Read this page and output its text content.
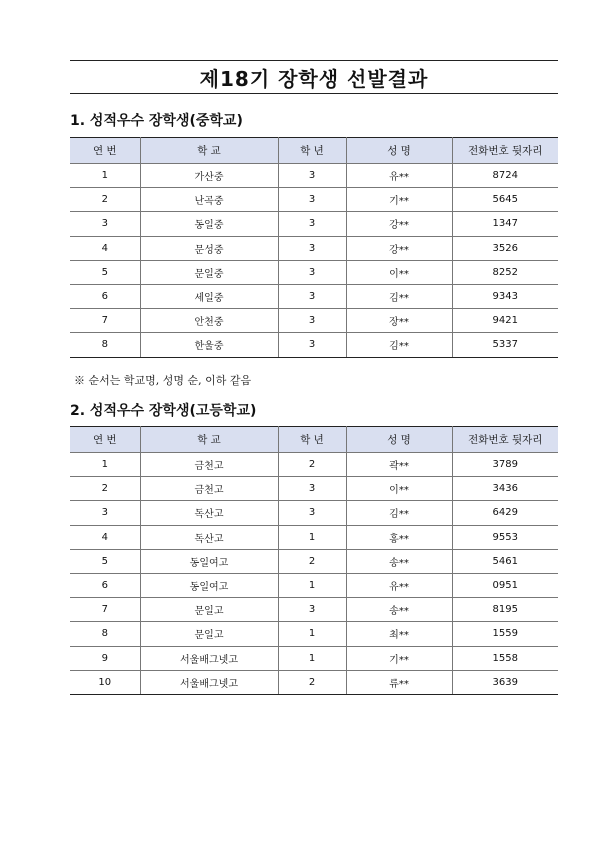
제18기 장학생 선발결과
1. 성적우수 장학생(중학교)
연 번	학 교	학 년	성 명	전화번호 뒷자리
1	가산중	3	유**	8724
2	난곡중	3	기**	5645
3	동일중	3	강**	1347
4	문성중	3	강**	3526
5	문일중	3	이**	8252
6	세일중	3	김**	9343
7	안천중	3	장**	9421
8	한울중	3	김**	5337
※ 순서는 학교명, 성명 순, 이하 같음
2. 성적우수 장학생(고등학교)
연 번	학 교	학 년	성 명	전화번호 뒷자리
1	금천고	2	곽**	3789
2	금천고	3	이**	3436
3	독산고	3	김**	6429
4	독산고	1	홍**	9553
5	동일여고	2	송**	5461
6	동일여고	1	유**	0951
7	문일고	3	송**	8195
8	문일고	1	최**	1559
9	서울배그넷고	1	기**	1558
10	서울배그넷고	2	류**	3639
